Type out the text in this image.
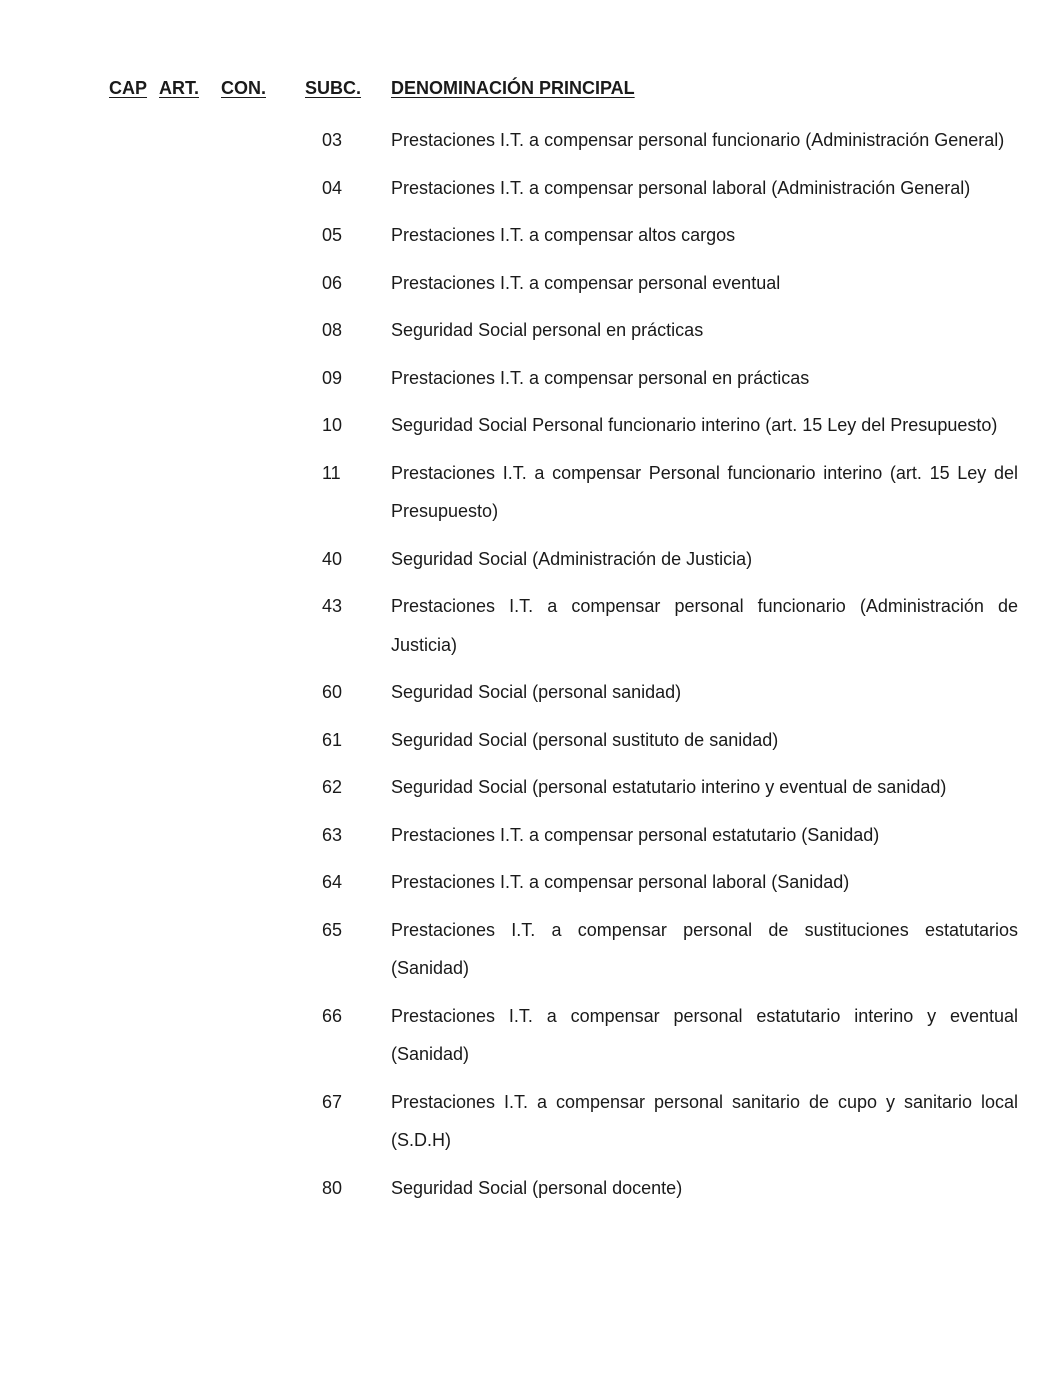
CAP ART. CON. SUBC. DENOMINACIÓN PRINCIPAL
03	Prestaciones I.T. a compensar personal funcionario (Administración General)
04	Prestaciones I.T. a compensar personal laboral (Administración General)
05	Prestaciones I.T. a compensar altos cargos
06	Prestaciones I.T. a compensar personal eventual
08	Seguridad Social personal en prácticas
09	Prestaciones I.T. a compensar personal en prácticas
10	Seguridad Social Personal funcionario interino (art. 15 Ley del Presupuesto)
11	Prestaciones I.T. a compensar Personal funcionario interino (art. 15 Ley del Presupuesto)
40	Seguridad Social (Administración de Justicia)
43	Prestaciones I.T. a compensar personal funcionario (Administración de Justicia)
60	Seguridad Social (personal sanidad)
61	Seguridad Social (personal sustituto de sanidad)
62	Seguridad Social (personal estatutario interino y eventual de sanidad)
63	Prestaciones I.T. a compensar personal estatutario (Sanidad)
64	Prestaciones I.T. a compensar personal laboral (Sanidad)
65	Prestaciones I.T. a compensar personal de sustituciones estatutarios (Sanidad)
66	Prestaciones I.T. a compensar personal estatutario interino y eventual (Sanidad)
67	Prestaciones I.T. a compensar personal sanitario de cupo y sanitario local (S.D.H)
80	Seguridad Social (personal docente)
